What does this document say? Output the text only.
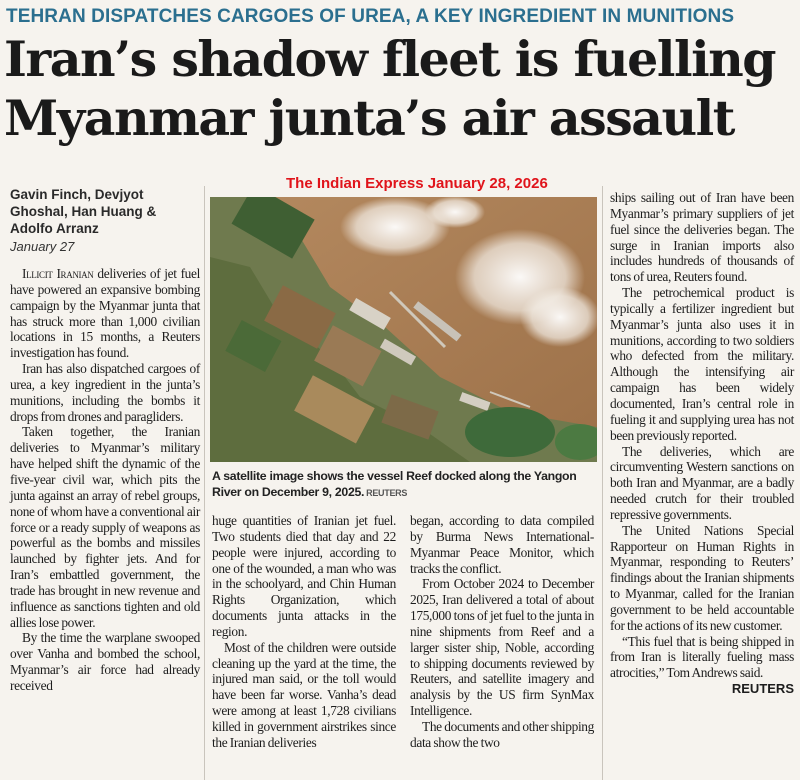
TEHRAN DISPATCHES CARGOES OF UREA, A KEY INGREDIENT IN MUNITIONS
Iran’s shadow fleet is fuelling
Myanmar junta’s air assault
The Indian Express January 28, 2026
Gavin Finch, Devjyot Ghoshal, Han Huang & Adolfo Arranz
January 27

Illicit Iranian deliveries of jet fuel have powered an expansive bombing campaign by the Myanmar junta that has struck more than 1,000 civilian locations in 15 months, a Reuters investigation has found.

Iran has also dispatched cargoes of urea, a key ingredient in the junta’s munitions, including the bombs it drops from drones and paragliders.

Taken together, the Iranian deliveries to Myanmar’s military have helped shift the dynamic of the five-year civil war, which pits the junta against an array of rebel groups, none of whom have a conventional air force or a ready supply of weapons as powerful as the bombs and missiles launched by fighter jets. And for Iran’s embattled government, the trade has brought in new revenue and influence as sanctions tighten and old allies lose power.

By the time the warplane swooped over Vanha and bombed the school, Myanmar’s air force had already received

A satellite image shows the vessel Reef docked along the Yangon River on December 9, 2025. REUTERS

huge quantities of Iranian jet fuel. Two students died that day and 22 people were injured, according to one of the wounded, a man who was in the schoolyard, and Chin Human Rights Organization, which documents junta attacks in the region.

Most of the children were outside cleaning up the yard at the time, the injured man said, or the toll would have been far worse. Vanha’s dead were among at least 1,728 civilians killed in government airstrikes since the Iranian deliveries

began, according to data compiled by Burma News International-Myanmar Peace Monitor, which tracks the conflict.

From October 2024 to December 2025, Iran delivered a total of about 175,000 tons of jet fuel to the junta in nine shipments from Reef and a larger sister ship, Noble, according to shipping documents reviewed by Reuters, and satellite imagery and analysis by the US firm SynMax Intelligence.

The documents and other shipping data show the two

ships sailing out of Iran have been Myanmar’s primary suppliers of jet fuel since the deliveries began. The surge in Iranian imports also includes hundreds of thousands of tons of urea, Reuters found.

The petrochemical product is typically a fertilizer ingredient but Myanmar’s junta also uses it in munitions, according to two soldiers who defected from the military. Although the intensifying air campaign has been widely documented, Iran’s central role in fueling it and supplying urea has not been previously reported.

The deliveries, which are circumventing Western sanctions on both Iran and Myanmar, are a badly needed crutch for their troubled repressive governments.

The United Nations Special Rapporteur on Human Rights in Myanmar, responding to Reuters’ findings about the Iranian shipments to Myanmar, called for the Iranian government to be held accountable for the actions of its new customer.

“This fuel that is being shipped in from Iran is literally fueling mass atrocities,” Tom Andrews said.
REUTERS
